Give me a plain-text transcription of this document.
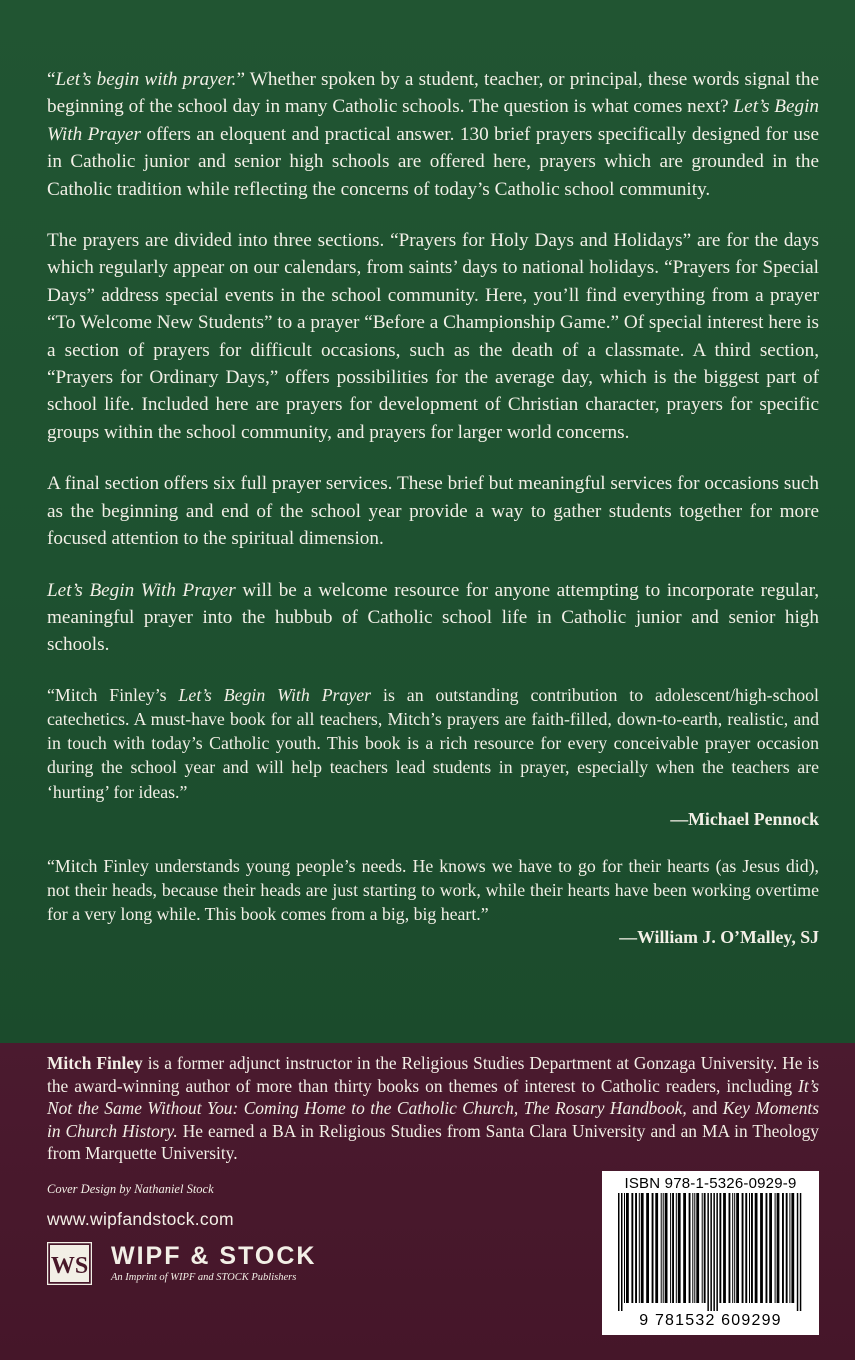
“Let’s begin with prayer.” Whether spoken by a student, teacher, or principal, these words signal the beginning of the school day in many Catholic schools. The question is what comes next? Let’s Begin With Prayer offers an eloquent and practical answer. 130 brief prayers specifically designed for use in Catholic junior and senior high schools are offered here, prayers which are grounded in the Catholic tradition while reflecting the concerns of today’s Catholic school community.

The prayers are divided into three sections. “Prayers for Holy Days and Holidays” are for the days which regularly appear on our calendars, from saints’ days to national holidays. “Prayers for Special Days” address special events in the school community. Here, you’ll find everything from a prayer “To Welcome New Students” to a prayer “Before a Championship Game.” Of special interest here is a section of prayers for difficult occasions, such as the death of a classmate. A third section, “Prayers for Ordinary Days,” offers possibilities for the average day, which is the biggest part of school life. Included here are prayers for development of Christian character, prayers for specific groups within the school community, and prayers for larger world concerns.

A final section offers six full prayer services. These brief but meaningful services for occasions such as the beginning and end of the school year provide a way to gather students together for more focused attention to the spiritual dimension.

Let’s Begin With Prayer will be a welcome resource for anyone attempting to incorporate regular, meaningful prayer into the hubbub of Catholic school life in Catholic junior and senior high schools.

“Mitch Finley’s Let’s Begin With Prayer is an outstanding contribution to adolescent/high-school catechetics. A must-have book for all teachers, Mitch’s prayers are faith-filled, down-to-earth, realistic, and in touch with today’s Catholic youth. This book is a rich resource for every conceivable prayer occasion during the school year and will help teachers lead students in prayer, especially when the teachers are ‘hurting’ for ideas.”

—Michael Pennock

“Mitch Finley understands young people’s needs. He knows we have to go for their hearts (as Jesus did), not their heads, because their heads are just starting to work, while their hearts have been working overtime for a very long while. This book comes from a big, big heart.”

—William J. O’Malley, SJ

Mitch Finley is a former adjunct instructor in the Religious Studies Department at Gonzaga University. He is the award-winning author of more than thirty books on themes of interest to Catholic readers, including It’s Not the Same Without You: Coming Home to the Catholic Church, The Rosary Handbook, and Key Moments in Church History. He earned a BA in Religious Studies from Santa Clara University and an MA in Theology from Marquette University.

Cover Design by Nathaniel Stock
www.wipfandstock.com
WS WIPF & STOCK
An Imprint of WIPF and STOCK Publishers
ISBN 978-1-5326-0929-9
9 781532 609299
